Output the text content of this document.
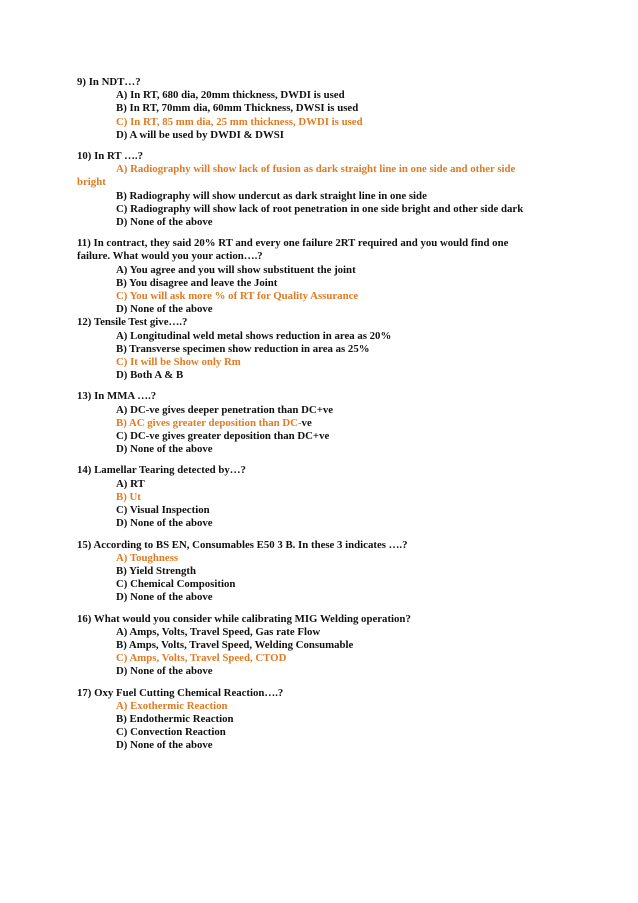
9) In NDT…?
A) In RT, 680 dia, 20mm thickness, DWDI is used
B) In RT, 70mm dia, 60mm Thickness, DWSI is used
C) In RT, 85 mm dia, 25 mm thickness, DWDI is used
D) A will be used by DWDI & DWSI
10) In RT ….?
A) Radiography will show lack of fusion as dark straight line in one side and other side
bright
B) Radiography will show undercut as dark straight line in one side
C) Radiography will show lack of root penetration in one side bright and other side dark
D) None of the above
11) In contract, they said 20% RT and every one failure 2RT required and you would find one
failure. What would you your action….?
A) You agree and you will show substituent the joint
B) You disagree and leave the Joint
C) You will ask more % of RT for Quality Assurance
D) None of the above
12) Tensile Test give….?
A) Longitudinal weld metal shows reduction in area as 20%
B) Transverse specimen show reduction in area as 25%
C) It will be Show only Rm
D) Both A & B
13) In MMA ….?
A) DC-ve gives deeper penetration than DC+ve
B) AC gives greater deposition than DC-ve
C) DC-ve gives greater deposition than DC+ve
D) None of the above
14) Lamellar Tearing detected by…?
A) RT
B) Ut
C) Visual Inspection
D) None of the above
15) According to BS EN, Consumables E50 3 B. In these 3 indicates ….?
A) Toughness
B) Yield Strength
C) Chemical Composition
D) None of the above
16) What would you consider while calibrating MIG Welding operation?
A) Amps, Volts, Travel Speed, Gas rate Flow
B) Amps, Volts, Travel Speed, Welding Consumable
C) Amps, Volts, Travel Speed, CTOD
D) None of the above
17) Oxy Fuel Cutting Chemical Reaction….?
A) Exothermic Reaction
B) Endothermic Reaction
C) Convection Reaction
D) None of the above
